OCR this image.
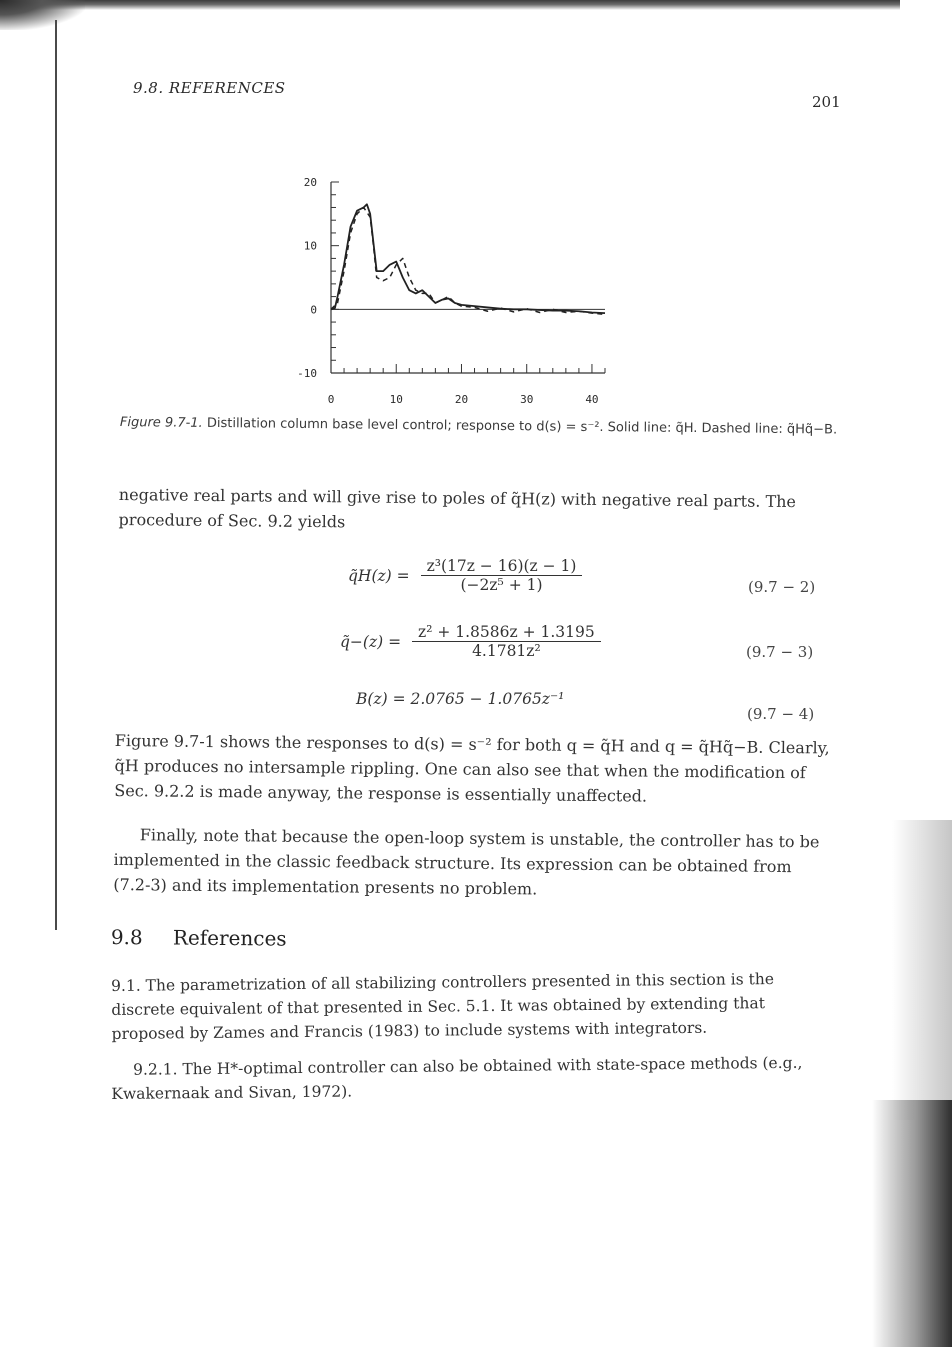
9.8. REFERENCES
201
20
10
0
-10
0	10	20	30	40
Figure 9.7-1. Distillation column base level control; response to d(s) = s⁻². Solid line: q̃H. Dashed line: q̃Hq̃−B.
negative real parts and will give rise to poles of q̃H(z) with negative real parts. The procedure of Sec. 9.2 yields
q̃H(z) = $\frac{\text{z³(17z − 16)(z − 1)}}{\text{(−2z⁵ + 1)}}$	(9.7 − 2)
q̃−(z) = $\frac{\text{z² + 1.8586z + 1.3195}}{\text{4.1781z²}}$	(9.7 − 3)
B(z) = 2.0765 − 1.0765z⁻¹
(9.7 − 4)
Figure 9.7-1 shows the responses to d(s) = s⁻² for both q = q̃H and q = q̃Hq̃−B. Clearly, q̃H produces no intersample rippling. One can also see that when the modification of Sec. 9.2.2 is made anyway, the response is essentially unaffected.
Finally, note that because the open-loop system is unstable, the controller has to be implemented in the classic feedback structure. Its expression can be obtained from (7.2-3) and its implementation presents no problem.
9.8 References
9.1. The parametrization of all stabilizing controllers presented in this section is the discrete equivalent of that presented in Sec. 5.1. It was obtained by extending that proposed by Zames and Francis (1983) to include systems with integrators.
9.2.1. The H*-optimal controller can also be obtained with state-space methods (e.g., Kwakernaak and Sivan, 1972).
